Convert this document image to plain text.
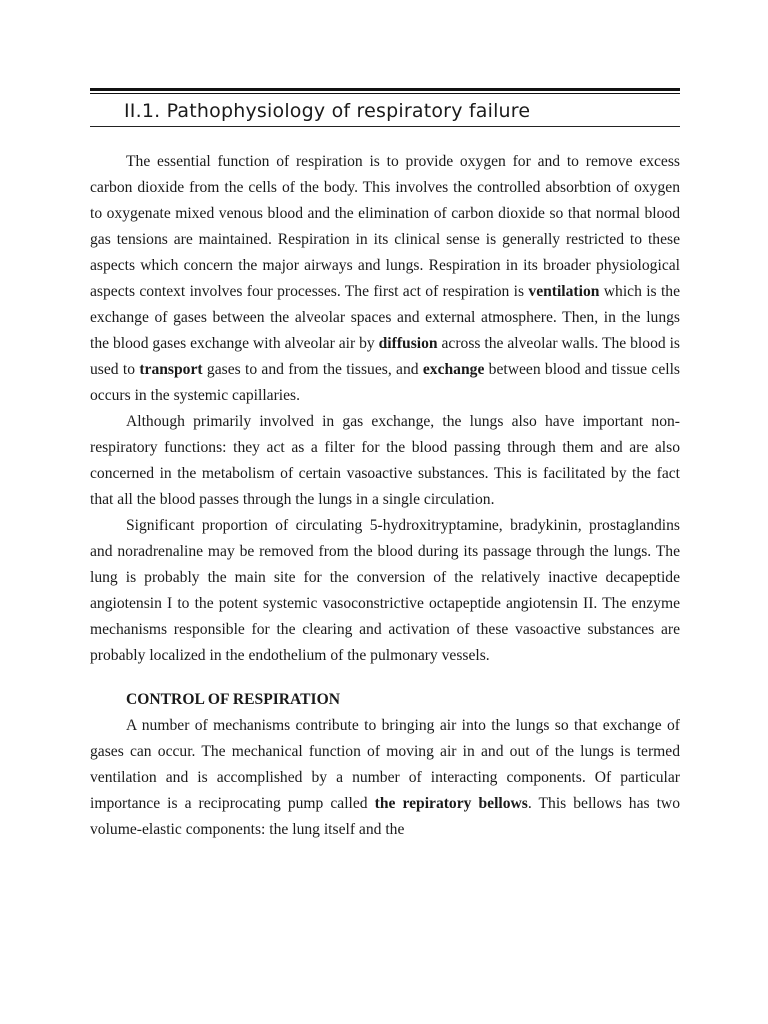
II.1. Pathophysiology of respiratory failure

The essential function of respiration is to provide oxygen for and to remove excess carbon dioxide from the cells of the body. This involves the controlled absorbtion of oxygen to oxygenate mixed venous blood and the elimination of carbon dioxide so that normal blood gas tensions are maintained. Respiration in its clinical sense is generally restricted to these aspects which concern the major airways and lungs. Respiration in its broader physiological aspects context involves four processes. The first act of respiration is ventilation which is the exchange of gases between the alveolar spaces and external atmosphere. Then, in the lungs the blood gases exchange with alveolar air by diffusion across the alveolar walls. The blood is used to transport gases to and from the tissues, and exchange between blood and tissue cells occurs in the systemic capillaries.

Although primarily involved in gas exchange, the lungs also have important non-respiratory functions: they act as a filter for the blood passing through them and are also concerned in the metabolism of certain vasoactive substances. This is facilitated by the fact that all the blood passes through the lungs in a single circulation.

Significant proportion of circulating 5-hydroxitryptamine, bradykinin, prostaglandins and noradrenaline may be removed from the blood during its passage through the lungs. The lung is probably the main site for the conversion of the relatively inactive decapeptide angiotensin I to the potent systemic vasoconstrictive octapeptide angiotensin II. The enzyme mechanisms responsible for the clearing and activation of these vasoactive substances are probably localized in the endothelium of the pulmonary vessels.

CONTROL OF RESPIRATION

A number of mechanisms contribute to bringing air into the lungs so that exchange of gases can occur. The mechanical function of moving air in and out of the lungs is termed ventilation and is accomplished by a number of interacting components. Of particular importance is a reciprocating pump called the repiratory bellows. This bellows has two volume-elastic components: the lung itself and the
